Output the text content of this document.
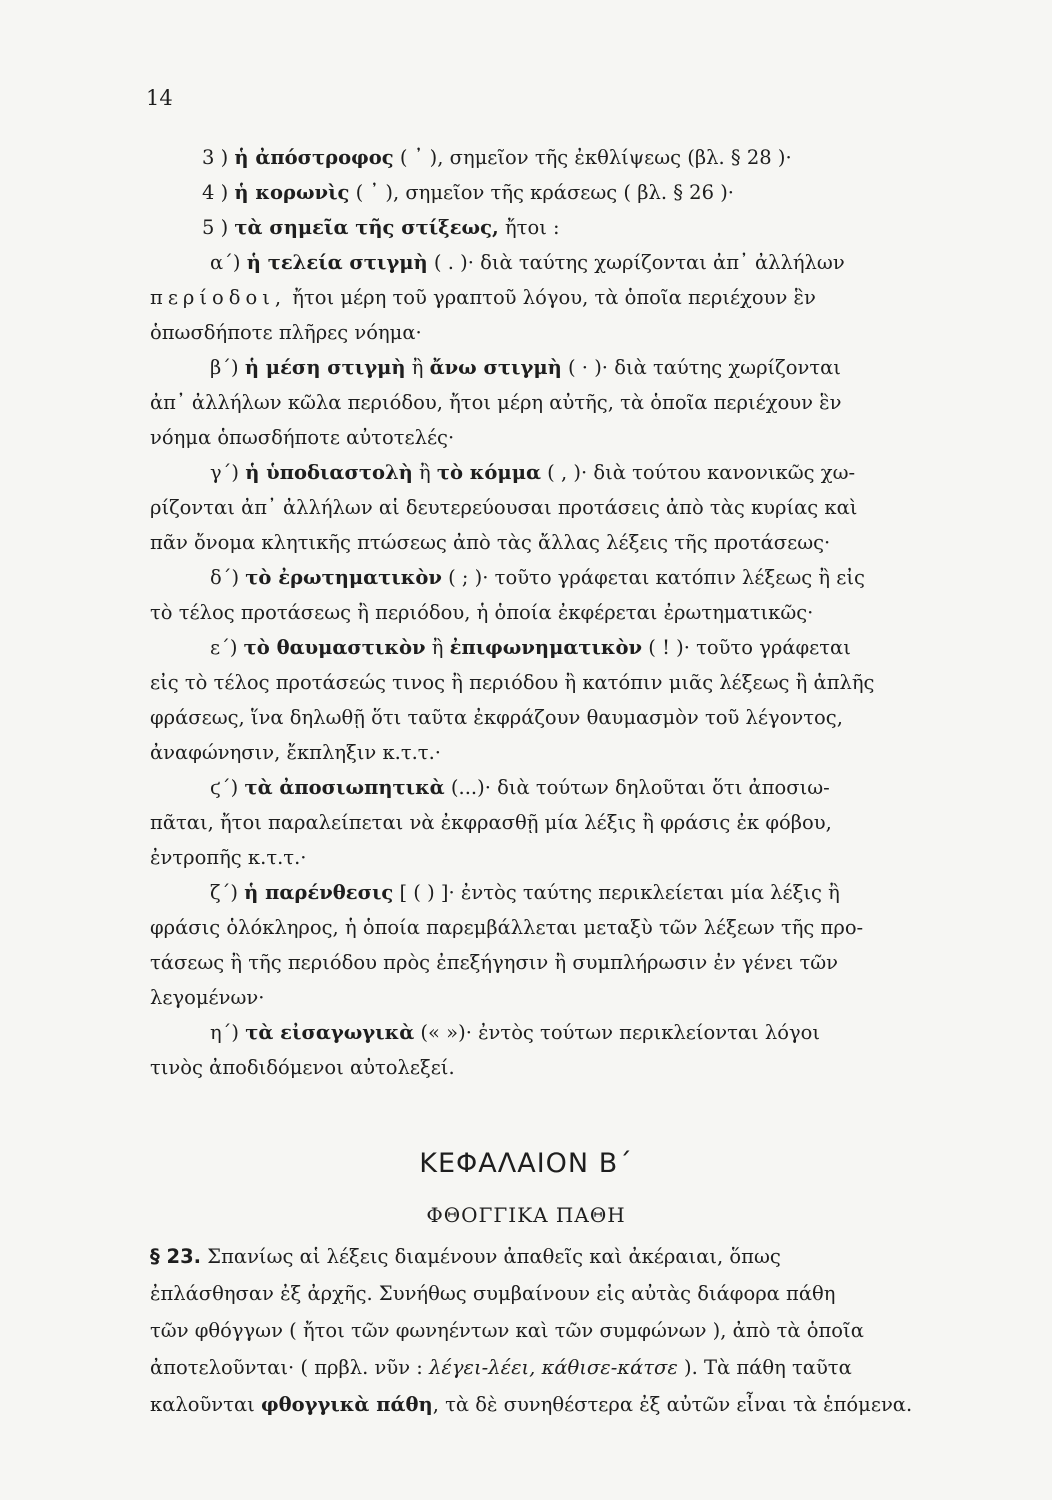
14
3 ) ἡ ἀπόστροφος ( ᾿ ), σημεῖον τῆς ἐκθλίψεως (βλ. § 28 )·
4 ) ἡ κορωνὶς ( ᾿ ), σημεῖον τῆς κράσεως ( βλ. § 26 )·
5 ) τὰ σημεῖα τῆς στίξεως, ἤτοι :
α΄) ἡ τελεία στιγμὴ ( . )· διὰ ταύτης χωρίζονται ἀπ᾿ ἀλλήλων
περίοδοι, ἤτοι μέρη τοῦ γραπτοῦ λόγου, τὰ ὁποῖα περιέχουν ἓν
ὁπωσδήποτε πλῆρες νόημα·
β΄) ἡ μέση στιγμὴ ἢ ἄνω στιγμὴ ( · )· διὰ ταύτης χωρίζονται
ἀπ᾿ ἀλλήλων κῶλα περιόδου, ἤτοι μέρη αὐτῆς, τὰ ὁποῖα περιέχουν ἓν
νόημα ὁπωσδήποτε αὐτοτελές·
γ΄) ἡ ὑποδιαστολὴ ἢ τὸ κόμμα ( , )· διὰ τούτου κανονικῶς χω-
ρίζονται ἀπ᾿ ἀλλήλων αἱ δευτερεύουσαι προτάσεις ἀπὸ τὰς κυρίας καὶ
πᾶν ὄνομα κλητικῆς πτώσεως ἀπὸ τὰς ἄλλας λέξεις τῆς προτάσεως·
δ΄) τὸ ἐρωτηματικὸν ( ; )· τοῦτο γράφεται κατόπιν λέξεως ἢ εἰς
τὸ τέλος προτάσεως ἢ περιόδου, ἡ ὁποία ἐκφέρεται ἐρωτηματικῶς·
ε΄) τὸ θαυμαστικὸν ἢ ἐπιφωνηματικὸν ( ! )· τοῦτο γράφεται
εἰς τὸ τέλος προτάσεώς τινος ἢ περιόδου ἢ κατόπιν μιᾶς λέξεως ἢ ἁπλῆς
φράσεως, ἵνα δηλωθῇ ὅτι ταῦτα ἐκφράζουν θαυμασμὸν τοῦ λέγοντος,
ἀναφώνησιν, ἔκπληξιν κ.τ.τ.·
ϛ΄) τὰ ἀποσιωπητικὰ (...)· διὰ τούτων δηλοῦται ὅτι ἀποσιω-
πᾶται, ἤτοι παραλείπεται νὰ ἐκφρασθῇ μία λέξις ἢ φράσις ἐκ φόβου,
ἐντροπῆς κ.τ.τ.·
ζ΄) ἡ παρένθεσις [ ( ) ]· ἐντὸς ταύτης περικλείεται μία λέξις ἢ
φράσις ὁλόκληρος, ἡ ὁποία παρεμβάλλεται μεταξὺ τῶν λέξεων τῆς προ-
τάσεως ἢ τῆς περιόδου πρὸς ἐπεξήγησιν ἢ συμπλήρωσιν ἐν γένει τῶν
λεγομένων·
η΄) τὰ εἰσαγωγικὰ (« »)· ἐντὸς τούτων περικλείονται λόγοι
τινὸς ἀποδιδόμενοι αὐτολεξεί.
ΚΕΦΑΛΑΙΟΝ Β΄
ΦΘΟΓΓΙΚΑ ΠΑΘΗ
§ 23. Σπανίως αἱ λέξεις διαμένουν ἀπαθεῖς καὶ ἀκέραιαι, ὅπως
ἐπλάσθησαν ἐξ ἀρχῆς. Συνήθως συμβαίνουν εἰς αὐτὰς διάφορα πάθη
τῶν φθόγγων ( ἤτοι τῶν φωνηέντων καὶ τῶν συμφώνων ), ἀπὸ τὰ ὁποῖα
ἀποτελοῦνται· ( πρβλ. νῦν : λέγει-λέει, κάθισε-κάτσε ). Τὰ πάθη ταῦτα
καλοῦνται φθογγικὰ πάθη, τὰ δὲ συνηθέστερα ἐξ αὐτῶν εἶναι τὰ ἑπόμενα.
